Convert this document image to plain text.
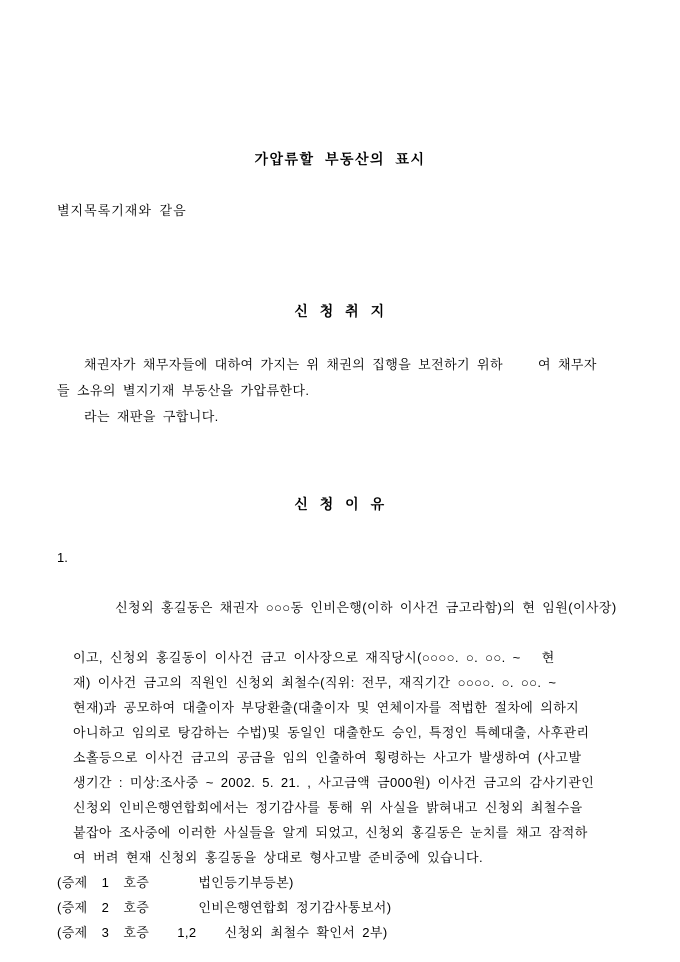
가압류할 부동산의 표시
별지목록기재와 같음
신 청 취 지
채권자가 채무자들에 대하여 가지는 위 채권의 집행을 보전하기 위하     여 채무자
들 소유의 별지기재 부동산을 가압류한다.
라는 재판을 구합니다.
신 청 이 유

1.

신청외 홍길동은 채권자 ○○○동 인비은행(이하 이사건 금고라함)의 현 임원(이사장)

이고, 신청외 홍길동이 이사건 금고 이사장으로 재직당시(○○○○. ○. ○○. ~   현
재) 이사건 금고의 직원인 신청외 최철수(직위: 전무, 재직기간 ○○○○. ○. ○○. ~
현재)과 공모하여 대출이자 부당환출(대출이자 및 연체이자를 적법한 절차에 의하지
아니하고 임의로 탕감하는 수법)및 동일인 대출한도 승인, 특정인 특혜대출, 사후관리
소홀등으로 이사건 금고의 공금을 임의 인출하여 횡령하는 사고가 발생하여 (사고발
생기간 : 미상:조사중 ~ 2002. 5. 21. , 사고금액 금000원) 이사건 금고의 감사기관인
신청외 인비은행연합회에서는 정기감사를 통해 위 사실을 밝혀내고 신청외 최철수을
붙잡아 조사중에 이러한 사실들을 알게 되었고, 신청외 홍길동은 눈치를 채고 잠적하
여 버려 현재 신청외 홍길동을 상대로 형사고발 준비중에 있습니다.
(증제  1  호증       법인등기부등본)
(증제  2  호증       인비은행연합회 정기감사통보서)
(증제  3  호증    1,2    신청외 최철수 확인서 2부)
